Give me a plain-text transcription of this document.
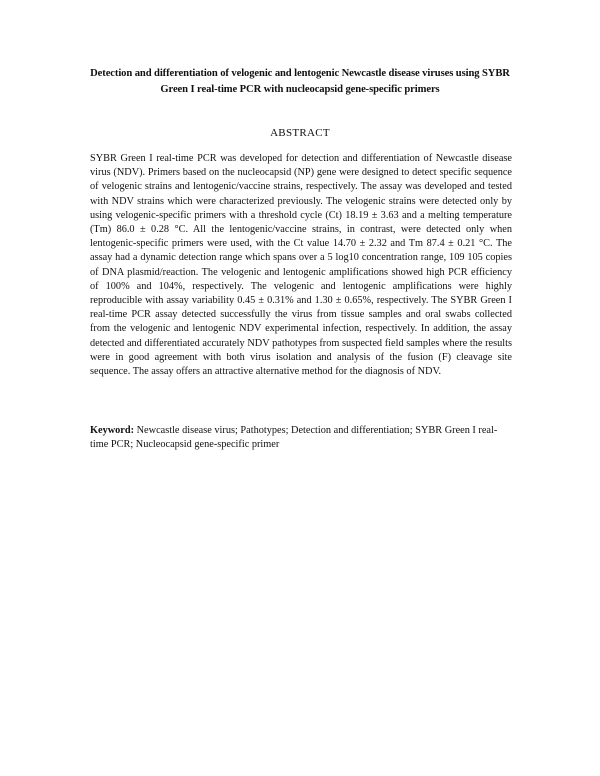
Detection and differentiation of velogenic and lentogenic Newcastle disease viruses using SYBR Green I real-time PCR with nucleocapsid gene-specific primers
ABSTRACT
SYBR Green I real-time PCR was developed for detection and differentiation of Newcastle disease virus (NDV). Primers based on the nucleocapsid (NP) gene were designed to detect specific sequence of velogenic strains and lentogenic/vaccine strains, respectively. The assay was developed and tested with NDV strains which were characterized previously. The velogenic strains were detected only by using velogenic-specific primers with a threshold cycle (Ct) 18.19 ± 3.63 and a melting temperature (Tm) 86.0 ± 0.28 °C. All the lentogenic/vaccine strains, in contrast, were detected only when lentogenic-specific primers were used, with the Ct value 14.70 ± 2.32 and Tm 87.4 ± 0.21 °C. The assay had a dynamic detection range which spans over a 5 log10 concentration range, 109 105 copies of DNA plasmid/reaction. The velogenic and lentogenic amplifications showed high PCR efficiency of 100% and 104%, respectively. The velogenic and lentogenic amplifications were highly reproducible with assay variability 0.45 ± 0.31% and 1.30 ± 0.65%, respectively. The SYBR Green I real-time PCR assay detected successfully the virus from tissue samples and oral swabs collected from the velogenic and lentogenic NDV experimental infection, respectively. In addition, the assay detected and differentiated accurately NDV pathotypes from suspected field samples where the results were in good agreement with both virus isolation and analysis of the fusion (F) cleavage site sequence. The assay offers an attractive alternative method for the diagnosis of NDV.
Keyword: Newcastle disease virus; Pathotypes; Detection and differentiation; SYBR Green I real-time PCR; Nucleocapsid gene-specific primer
